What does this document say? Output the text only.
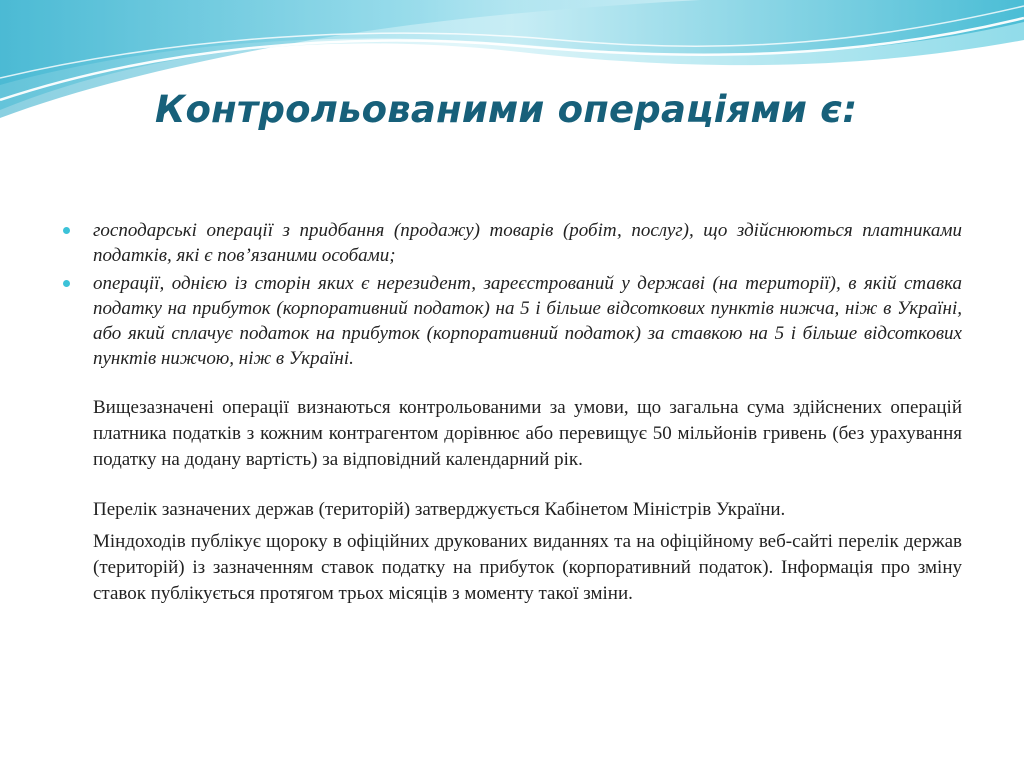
Контрольованими операціями є:
господарські операції з придбання (продажу) товарів (робіт, послуг), що здійснюються платниками податків, які є пов’язаними особами;
операції, однією із сторін яких є нерезидент, зареєстрований у державі (на території), в якій ставка податку на прибуток (корпоративний податок) на 5 і більше відсоткових пунктів нижча, ніж в Україні, або який сплачує податок на прибуток (корпоративний податок) за ставкою на 5 і більше відсоткових пунктів нижчою, ніж в Україні.

Вищезазначені операції визнаються контрольованими за умови, що загальна сума здійснених операцій платника податків з кожним контрагентом дорівнює або перевищує 50 мільйонів гривень (без урахування податку на додану вартість) за відповідний календарний рік.

Перелік зазначених держав (територій) затверджується Кабінетом Міністрів України.

Міндоходів публікує щороку в офіційних друкованих виданнях та на офіційному веб-сайті перелік держав (територій) із зазначенням ставок податку на прибуток (корпоративний податок). Інформація про зміну ставок публікується протягом трьох місяців з моменту такої зміни.
